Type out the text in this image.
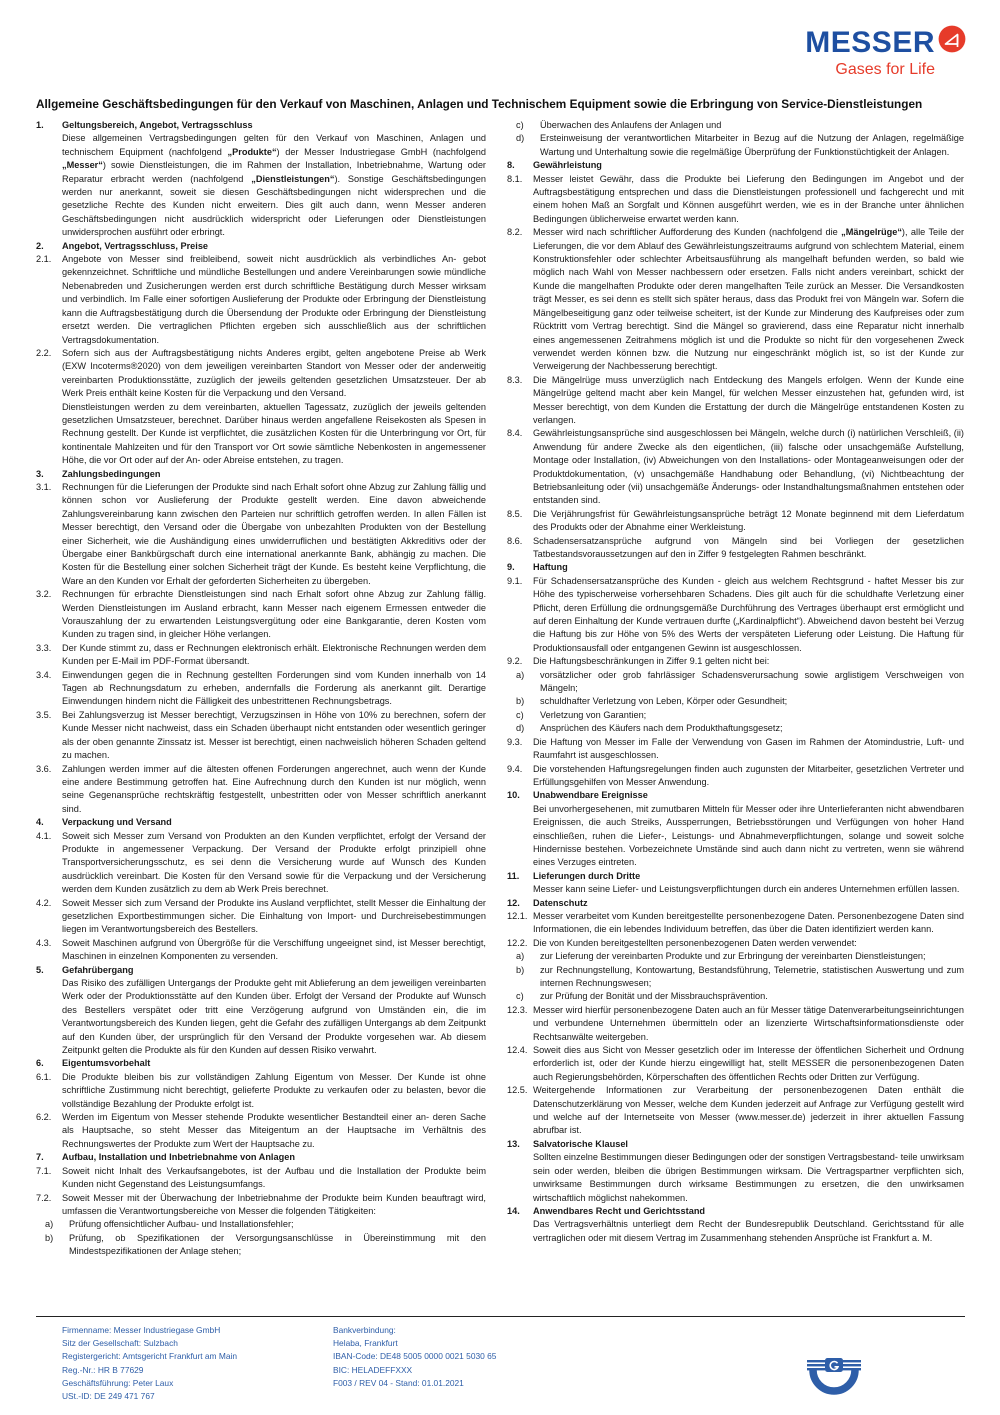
MESSER
Gases for Life
Allgemeine Geschäftsbedingungen für den Verkauf von Maschinen, Anlagen und Technischem Equipment sowie die Erbringung von Service-Dienstleistungen
1.	Geltungsbereich, Angebot, Vertragsschluss
Diese allgemeinen Vertragsbedingungen gelten für den Verkauf von Maschinen, Anlagen und technischem Equipment (nachfolgend „Produkte“) der Messer Industriegase GmbH (nachfolgend „Messer“) sowie Dienstleistungen, die im Rahmen der Installation, Inbetriebnahme, Wartung oder Reparatur erbracht werden (nachfolgend „Dienstleistungen“). Sonstige Geschäftsbedingungen werden nur anerkannt, soweit sie diesen Geschäftsbedingungen nicht widersprechen und die gesetzliche Rechte des Kunden nicht erweitern. Dies gilt auch dann, wenn Messer anderen Geschäftsbedingungen nicht ausdrücklich widerspricht oder Lieferungen oder Dienstleistungen unwidersprochen ausführt oder erbringt.
2.	Angebot, Vertragsschluss, Preise
2.1.	Angebote von Messer sind freibleibend, soweit nicht ausdrücklich als verbindliches An- gebot gekennzeichnet. Schriftliche und mündliche Bestellungen und andere Vereinbarungen sowie mündliche Nebenabreden und Zusicherungen werden erst durch schriftliche Bestätigung durch Messer wirksam und verbindlich. Im Falle einer sofortigen Auslieferung der Produkte oder Erbringung der Dienstleistung kann die Auftragsbestätigung durch die Übersendung der Produkte oder Erbringung der Dienstleistung ersetzt werden. Die vertraglichen Pflichten ergeben sich ausschließlich aus der schriftlichen Vertragsdokumentation.
2.2.	Sofern sich aus der Auftragsbestätigung nichts Anderes ergibt, gelten angebotene Preise ab Werk (EXW Incoterms®2020) von dem jeweiligen vereinbarten Standort von Messer oder der anderweitig vereinbarten Produktionsstätte, zuzüglich der jeweils geltenden gesetzlichen Umsatzsteuer. Der ab Werk Preis enthält keine Kosten für die Verpackung und den Versand.
Dienstleistungen werden zu dem vereinbarten, aktuellen Tagessatz, zuzüglich der jeweils geltenden gesetzlichen Umsatzsteuer, berechnet. Darüber hinaus werden angefallene Reisekosten als Spesen in Rechnung gestellt. Der Kunde ist verpflichtet, die zusätzlichen Kosten für die Unterbringung vor Ort, für kontinentale Mahlzeiten und für den Transport vor Ort sowie sämtliche Nebenkosten in angemessener Höhe, die vor Ort oder auf der An- oder Abreise entstehen, zu tragen.
3.	Zahlungsbedingungen
3.1.	Rechnungen für die Lieferungen der Produkte sind nach Erhalt sofort ohne Abzug zur Zahlung fällig und können schon vor Auslieferung der Produkte gestellt werden. Eine davon abweichende Zahlungsvereinbarung kann zwischen den Parteien nur schriftlich getroffen werden. In allen Fällen ist Messer berechtigt, den Versand oder die Übergabe von unbezahlten Produkten von der Bestellung einer Sicherheit, wie die Aushändigung eines unwiderruflichen und bestätigten Akkreditivs oder der Übergabe einer Bankbürgschaft durch eine international anerkannte Bank, abhängig zu machen. Die Kosten für die Bestellung einer solchen Sicherheit trägt der Kunde. Es besteht keine Verpflichtung, die Ware an den Kunden vor Erhalt der geforderten Sicherheiten zu übergeben.
3.2.	Rechnungen für erbrachte Dienstleistungen sind nach Erhalt sofort ohne Abzug zur Zahlung fällig. Werden Dienstleistungen im Ausland erbracht, kann Messer nach eigenem Ermessen entweder die Vorauszahlung der zu erwartenden Leistungsvergütung oder eine Bankgarantie, deren Kosten vom Kunden zu tragen sind, in gleicher Höhe verlangen.
3.3.	Der Kunde stimmt zu, dass er Rechnungen elektronisch erhält. Elektronische Rechnungen werden dem Kunden per E-Mail im PDF-Format übersandt.
3.4.	Einwendungen gegen die in Rechnung gestellten Forderungen sind vom Kunden innerhalb von 14 Tagen ab Rechnungsdatum zu erheben, andernfalls die Forderung als anerkannt gilt. Derartige Einwendungen hindern nicht die Fälligkeit des unbestrittenen Rechnungsbetrags.
3.5.	Bei Zahlungsverzug ist Messer berechtigt, Verzugszinsen in Höhe von 10% zu berechnen, sofern der Kunde Messer nicht nachweist, dass ein Schaden überhaupt nicht entstanden oder wesentlich geringer als der oben genannte Zinssatz ist. Messer ist berechtigt, einen nachweislich höheren Schaden geltend zu machen.
3.6.	Zahlungen werden immer auf die ältesten offenen Forderungen angerechnet, auch wenn der Kunde eine andere Bestimmung getroffen hat. Eine Aufrechnung durch den Kunden ist nur möglich, wenn seine Gegenansprüche rechtskräftig festgestellt, unbestritten oder von Messer schriftlich anerkannt sind.
4.	Verpackung und Versand
4.1.	Soweit sich Messer zum Versand von Produkten an den Kunden verpflichtet, erfolgt der Versand der Produkte in angemessener Verpackung. Der Versand der Produkte erfolgt prinzipiell ohne Transportversicherungsschutz, es sei denn die Versicherung wurde auf Wunsch des Kunden ausdrücklich vereinbart. Die Kosten für den Versand sowie für die Verpackung und der Versicherung werden dem Kunden zusätzlich zu dem ab Werk Preis berechnet.
4.2.	Soweit Messer sich zum Versand der Produkte ins Ausland verpflichtet, stellt Messer die Einhaltung der gesetzlichen Exportbestimmungen sicher. Die Einhaltung von Import- und Durchreisebestimmungen liegen im Verantwortungsbereich des Bestellers.
4.3.	Soweit Maschinen aufgrund von Übergröße für die Verschiffung ungeeignet sind, ist Messer berechtigt, Maschinen in einzelnen Komponenten zu versenden.
5.	Gefahrübergang
Das Risiko des zufälligen Untergangs der Produkte geht mit Ablieferung an dem jeweiligen vereinbarten Werk oder der Produktionsstätte auf den Kunden über. Erfolgt der Versand der Produkte auf Wunsch des Bestellers verspätet oder tritt eine Verzögerung aufgrund von Umständen ein, die im Verantwortungsbereich des Kunden liegen, geht die Gefahr des zufälligen Untergangs ab dem Zeitpunkt auf den Kunden über, der ursprünglich für den Versand der Produkte vorgesehen war. Ab diesem Zeitpunkt gelten die Produkte als für den Kunden auf dessen Risiko verwahrt.
6.	Eigentumsvorbehalt
6.1.	Die Produkte bleiben bis zur vollständigen Zahlung Eigentum von Messer. Der Kunde ist ohne schriftliche Zustimmung nicht berechtigt, gelieferte Produkte zu verkaufen oder zu belasten, bevor die vollständige Bezahlung der Produkte erfolgt ist.
6.2.	Werden im Eigentum von Messer stehende Produkte wesentlicher Bestandteil einer an- deren Sache als Hauptsache, so steht Messer das Miteigentum an der Hauptsache im Verhältnis des Rechnungswertes der Produkte zum Wert der Hauptsache zu.
7.	Aufbau, Installation und Inbetriebnahme von Anlagen
7.1.	Soweit nicht Inhalt des Verkaufsangebotes, ist der Aufbau und die Installation der Produkte beim Kunden nicht Gegenstand des Leistungsumfangs.
7.2.	Soweit Messer mit der Überwachung der Inbetriebnahme der Produkte beim Kunden beauftragt wird, umfassen die Verantwortungsbereiche von Messer die folgenden Tätigkeiten:
a)	Prüfung offensichtlicher Aufbau- und Installationsfehler;
b)	Prüfung, ob Spezifikationen der Versorgungsanschlüsse in Übereinstimmung mit den Mindestspezifikationen der Anlage stehen;
c)	Überwachen des Anlaufens der Anlagen und
d)	Ersteinweisung der verantwortlichen Mitarbeiter in Bezug auf die Nutzung der Anlagen, regelmäßige Wartung und Unterhaltung sowie die regelmäßige Überprüfung der Funktionstüchtigkeit der Anlagen.
8.	Gewährleistung
8.1.	Messer leistet Gewähr, dass die Produkte bei Lieferung den Bedingungen im Angebot und der Auftragsbestätigung entsprechen und dass die Dienstleistungen professionell und fachgerecht und mit einem hohen Maß an Sorgfalt und Können ausgeführt werden, wie es in der Branche unter ähnlichen Bedingungen üblicherweise erwartet werden kann.
8.2.	Messer wird nach schriftlicher Aufforderung des Kunden (nachfolgend die „Mängelrüge“), alle Teile der Lieferungen, die vor dem Ablauf des Gewährleistungszeitraums aufgrund von schlechtem Material, einem Konstruktionsfehler oder schlechter Arbeitsausführung als mangelhaft befunden werden, so bald wie möglich nach Wahl von Messer nachbessern oder ersetzen. Falls nicht anders vereinbart, schickt der Kunde die mangelhaften Produkte oder deren mangelhaften Teile zurück an Messer. Die Versandkosten trägt Messer, es sei denn es stellt sich später heraus, dass das Produkt frei von Mängeln war. Sofern die Mängelbeseitigung ganz oder teilweise scheitert, ist der Kunde zur Minderung des Kaufpreises oder zum Rücktritt vom Vertrag berechtigt. Sind die Mängel so gravierend, dass eine Reparatur nicht innerhalb eines angemessenen Zeitrahmens möglich ist und die Produkte so nicht für den vorgesehenen Zweck verwendet werden können bzw. die Nutzung nur eingeschränkt möglich ist, so ist der Kunde zur Verweigerung der Nachbesserung berechtigt.
8.3.	Die Mängelrüge muss unverzüglich nach Entdeckung des Mangels erfolgen. Wenn der Kunde eine Mängelrüge geltend macht aber kein Mangel, für welchen Messer einzustehen hat, gefunden wird, ist Messer berechtigt, von dem Kunden die Erstattung der durch die Mängelrüge entstandenen Kosten zu verlangen.
8.4.	Gewährleistungsansprüche sind ausgeschlossen bei Mängeln, welche durch (i) natürlichen Verschleiß, (ii) Anwendung für andere Zwecke als den eigentlichen, (iii) falsche oder unsachgemäße Aufstellung, Montage oder Installation, (iv) Abweichungen von den Installations- oder Montageanweisungen oder der Produktdokumentation, (v) unsachgemäße Handhabung oder Behandlung, (vi) Nichtbeachtung der Betriebsanleitung oder (vii) unsachgemäße Änderungs- oder Instandhaltungsmaßnahmen entstehen oder entstanden sind.
8.5.	Die Verjährungsfrist für Gewährleistungsansprüche beträgt 12 Monate beginnend mit dem Lieferdatum des Produkts oder der Abnahme einer Werkleistung.
8.6.	Schadensersatzansprüche aufgrund von Mängeln sind bei Vorliegen der gesetzlichen Tatbestandsvoraussetzungen auf den in Ziffer 9 festgelegten Rahmen beschränkt.
9.	Haftung
9.1.	Für Schadensersatzansprüche des Kunden - gleich aus welchem Rechtsgrund - haftet Messer bis zur Höhe des typischerweise vorhersehbaren Schadens. Dies gilt auch für die schuldhafte Verletzung einer Pflicht, deren Erfüllung die ordnungsgemäße Durchführung des Vertrages überhaupt erst ermöglicht und auf deren Einhaltung der Kunde vertrauen durfte („Kardinalpflicht“). Abweichend davon besteht bei Verzug die Haftung bis zur Höhe von 5% des Werts der verspäteten Lieferung oder Leistung. Die Haftung für Produktionsausfall oder entgangenen Gewinn ist ausgeschlossen.
9.2.	Die Haftungsbeschränkungen in Ziffer 9.1 gelten nicht bei:
a)	vorsätzlicher oder grob fahrlässiger Schadensverursachung sowie arglistigem Verschweigen von Mängeln;
b)	schuldhafter Verletzung von Leben, Körper oder Gesundheit;
c)	Verletzung von Garantien;
d)	Ansprüchen des Käufers nach dem Produkthaftungsgesetz;
9.3.	Die Haftung von Messer im Falle der Verwendung von Gasen im Rahmen der Atomindustrie, Luft- und Raumfahrt ist ausgeschlossen.
9.4.	Die vorstehenden Haftungsregelungen finden auch zugunsten der Mitarbeiter, gesetzlichen Vertreter und Erfüllungsgehilfen von Messer Anwendung.
10.	Unabwendbare Ereignisse
Bei unvorhergesehenen, mit zumutbaren Mitteln für Messer oder ihre Unterlieferanten nicht abwendbaren Ereignissen, die auch Streiks, Aussperrungen, Betriebsstörungen und Verfügungen von hoher Hand einschließen, ruhen die Liefer-, Leistungs- und Abnahmeverpflichtungen, solange und soweit solche Hindernisse bestehen. Vorbezeichnete Umstände sind auch dann nicht zu vertreten, wenn sie während eines Verzuges eintreten.
11.	Lieferungen durch Dritte
Messer kann seine Liefer- und Leistungsverpflichtungen durch ein anderes Unternehmen erfüllen lassen.
12.	Datenschutz
12.1. Messer verarbeitet vom Kunden bereitgestellte personenbezogene Daten. Personenbezogene Daten sind Informationen, die ein lebendes Individuum betreffen, das über die Daten identifiziert werden kann.
12.2. Die von Kunden bereitgestellten personenbezogenen Daten werden verwendet:
a)	zur Lieferung der vereinbarten Produkte und zur Erbringung der vereinbarten Dienstleistungen;
b)	zur Rechnungstellung, Kontowartung, Bestandsführung, Telemetrie, statistischen Auswertung und zum internen Rechnungswesen;
c)	zur Prüfung der Bonität und der Missbrauchsprävention.
12.3. Messer wird hierfür personenbezogene Daten auch an für Messer tätige Datenverarbeitungseinrichtungen und verbundene Unternehmen übermitteln oder an lizenzierte Wirtschaftsinformationsdienste oder Rechtsanwälte weitergeben.
12.4. Soweit dies aus Sicht von Messer gesetzlich oder im Interesse der öffentlichen Sicherheit und Ordnung erforderlich ist, oder der Kunde hierzu eingewilligt hat, stellt MESSER die personenbezogenen Daten auch Regierungsbehörden, Körperschaften des öffentlichen Rechts oder Dritten zur Verfügung.
12.5. Weitergehende Informationen zur Verarbeitung der personenbezogenen Daten enthält die Datenschutzerklärung von Messer, welche dem Kunden jederzeit auf Anfrage zur Verfügung gestellt wird und welche auf der Internetseite von Messer (www.messer.de) jederzeit in ihrer aktuellen Fassung abrufbar ist.
13.	Salvatorische Klausel
Sollten einzelne Bestimmungen dieser Bedingungen oder der sonstigen Vertragsbestand- teile unwirksam sein oder werden, bleiben die übrigen Bestimmungen wirksam. Die Vertragspartner verpflichten sich, unwirksame Bestimmungen durch wirksame Bestimmungen zu ersetzen, die den unwirksamen wirtschaftlich möglichst nahekommen.
14.	Anwendbares Recht und Gerichtsstand
Das Vertragsverhältnis unterliegt dem Recht der Bundesrepublik Deutschland. Gerichtsstand für alle vertraglichen oder mit diesem Vertrag im Zusammenhang stehenden Ansprüche ist Frankfurt a. M.
Firmenname: Messer Industriegase GmbH
Sitz der Gesellschaft: Sulzbach
Registergericht: Amtsgericht Frankfurt am Main
Reg.-Nr.: HR B 77629
Geschäftsführung: Peter Laux
USt.-ID: DE 249 471 767
Bankverbindung:
Helaba, Frankfurt
IBAN-Code: DE48 5005 0000 0021 5030 65
BIC: HELADEFFXXX
F003 / REV 04 - Stand: 01.01.2021
